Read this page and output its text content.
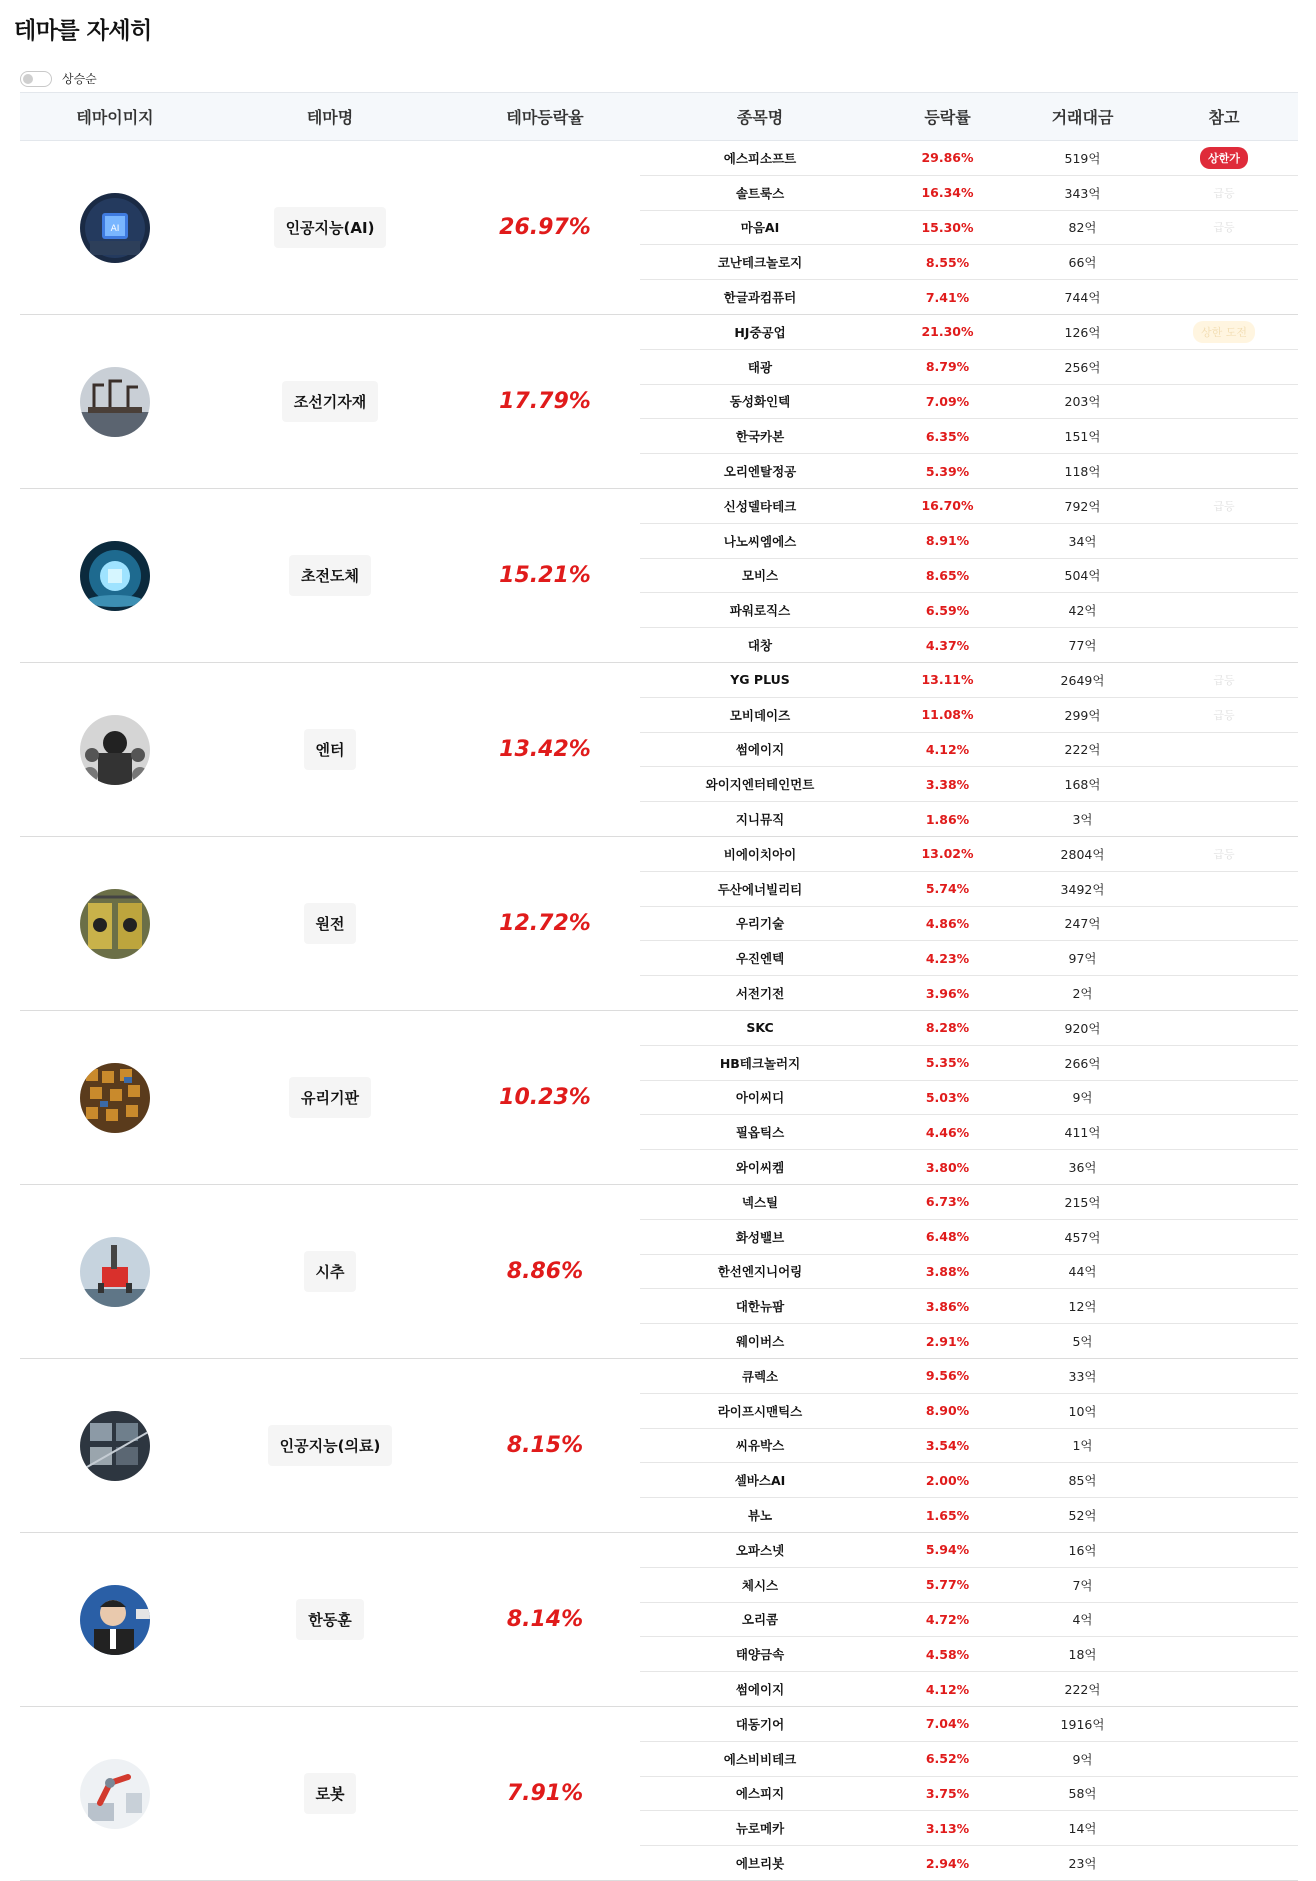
테마를 자세히
상승순
테마이미지	테마명	테마등락율	종목명	등락률	거래대금	참고
AI	인공지능(AI)	26.97%
에스피소프트	29.86%	519억	상한가
솔트룩스	16.34%	343억	급등
마음AI	15.30%	82억	급등
코난테크놀로지	8.55%	66억
한글과컴퓨터	7.41%	744억
조선기자재	17.79%
HJ중공업	21.30%	126억	상한 도전
태광	8.79%	256억
동성화인텍	7.09%	203억
한국카본	6.35%	151억
오리엔탈정공	5.39%	118억
초전도체	15.21%
신성델타테크	16.70%	792억	급등
나노씨엠에스	8.91%	34억
모비스	8.65%	504억
파워로직스	6.59%	42억
대창	4.37%	77억
엔터	13.42%
YG PLUS	13.11%	2649억	급등
모비데이즈	11.08%	299억	급등
썸에이지	4.12%	222억
와이지엔터테인먼트	3.38%	168억
지니뮤직	1.86%	3억
원전	12.72%
비에이치아이	13.02%	2804억	급등
두산에너빌리티	5.74%	3492억
우리기술	4.86%	247억
우진엔텍	4.23%	97억
서전기전	3.96%	2억
유리기판	10.23%
SKC	8.28%	920억
HB테크놀러지	5.35%	266억
아이씨디	5.03%	9억
필옵틱스	4.46%	411억
와이씨켐	3.80%	36억
시추	8.86%
넥스틸	6.73%	215억
화성밸브	6.48%	457억
한선엔지니어링	3.88%	44억
대한뉴팜	3.86%	12억
웨이버스	2.91%	5억
인공지능(의료)	8.15%
큐렉소	9.56%	33억
라이프시맨틱스	8.90%	10억
씨유박스	3.54%	1억
셀바스AI	2.00%	85억
뷰노	1.65%	52억
한동훈	8.14%
오파스넷	5.94%	16억
체시스	5.77%	7억
오리콤	4.72%	4억
태양금속	4.58%	18억
썸에이지	4.12%	222억
로봇	7.91%
대동기어	7.04%	1916억
에스비비테크	6.52%	9억
에스피지	3.75%	58억
뉴로메카	3.13%	14억
에브리봇	2.94%	23억
